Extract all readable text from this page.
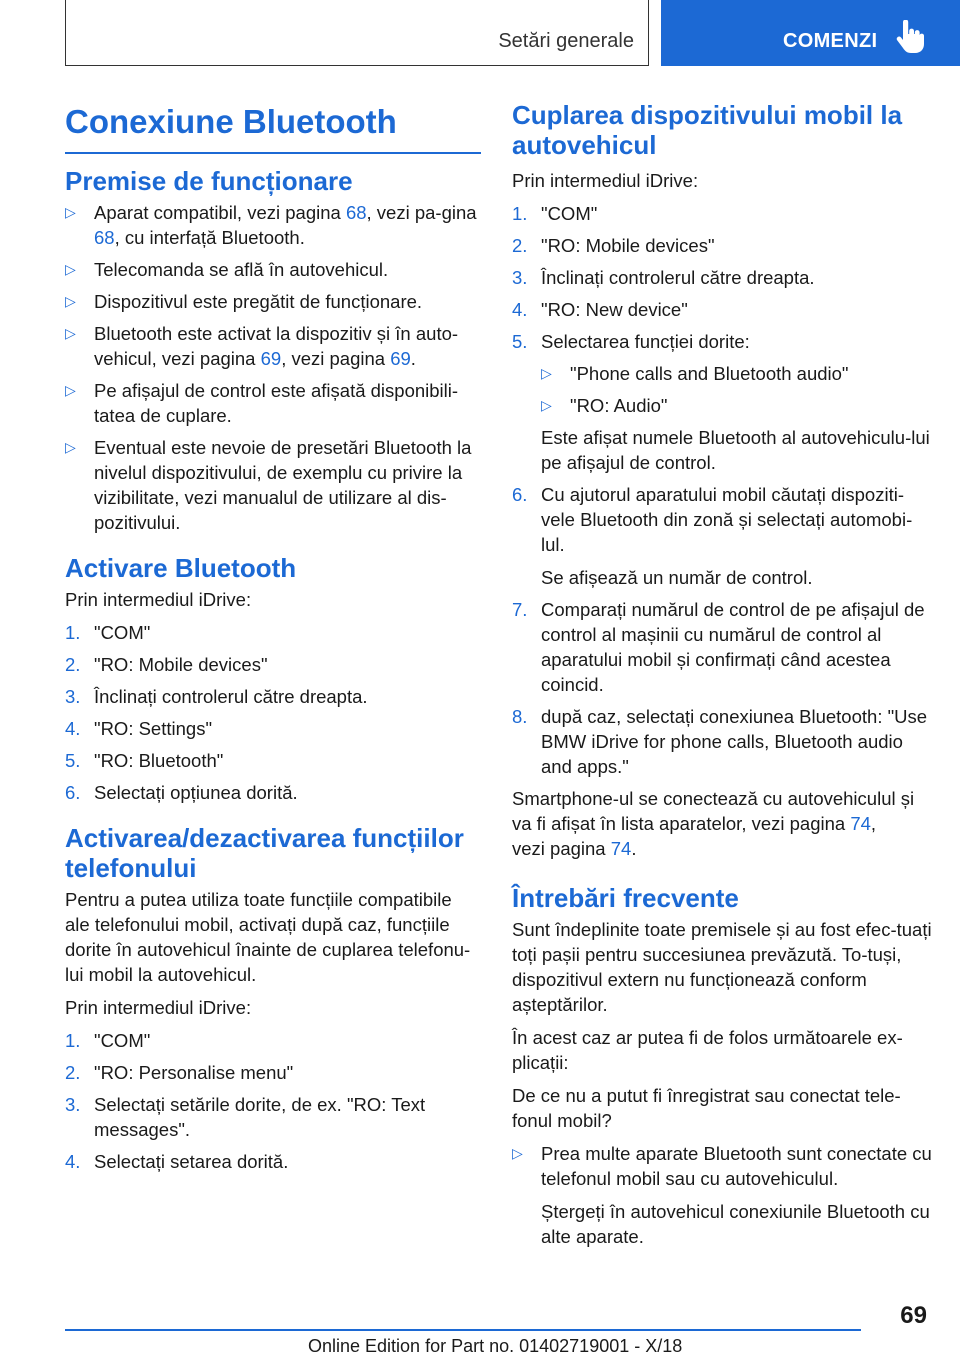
Setări generale	COMENZI
Conexiune Bluetooth
Premise de funcționare
▷ Aparat compatibil, vezi pagina 68, vezi pa-gina 68, cu interfață Bluetooth.
▷ Telecomanda se află în autovehicul.
▷ Dispozitivul este pregătit de funcționare.
▷ Bluetooth este activat la dispozitiv și în auto-vehicul, vezi pagina 69, vezi pagina 69.
▷ Pe afișajul de control este afișată disponibili-tatea de cuplare.
▷ Eventual este nevoie de presetări Bluetooth la nivelul dispozitivului, de exemplu cu privire la vizibilitate, vezi manualul de utilizare al dis-pozitivului.
Activare Bluetooth

Prin intermediul iDrive:

1. "COM"
2. "RO: Mobile devices"
3. Înclinați controlerul către dreapta.
4. "RO: Settings"
5. "RO: Bluetooth"
6. Selectați opțiunea dorită.
Activarea/dezactivarea funcțiilor telefonului

Pentru a putea utiliza toate funcțiile compatibile ale telefonului mobil, activați după caz, funcțiile dorite în autovehicul înainte de cuplarea telefonu-lui mobil la autovehicul.

Prin intermediul iDrive:

1. "COM"
2. "RO: Personalise menu"
3. Selectați setările dorite, de ex. "RO: Text messages".
4. Selectați setarea dorită.
Cuplarea dispozitivului mobil la autovehicul

Prin intermediul iDrive:

1. "COM"
2. "RO: Mobile devices"
3. Înclinați controlerul către dreapta.
4. "RO: New device"
5. Selectarea funcției dorite:
▷ "Phone calls and Bluetooth audio"
▷ "RO: Audio"
Este afișat numele Bluetooth al autovehiculu-lui pe afișajul de control.
6. Cu ajutorul aparatului mobil căutați dispoziti-vele Bluetooth din zonă și selectați automobi-lul.
Se afișează un număr de control.
7. Comparați numărul de control de pe afișajul de control al mașinii cu numărul de control al aparatului mobil și confirmați când acestea coincid.
8. după caz, selectați conexiunea Bluetooth: "Use BMW iDrive for phone calls, Bluetooth audio and apps."

Smartphone-ul se conectează cu autovehiculul și va fi afișat în lista aparatelor, vezi pagina 74,
vezi pagina 74.

Întrebări frecvente

Sunt îndeplinite toate premisele și au fost efec-tuați toți pașii pentru succesiunea prevăzută. To-tuși, dispozitivul extern nu funcționează conform așteptărilor.

În acest caz ar putea fi de folos următoarele ex-plicații:

De ce nu a putut fi înregistrat sau conectat tele-fonul mobil?

▷ Prea multe aparate Bluetooth sunt conectate cu telefonul mobil sau cu autovehiculul.
Ștergeți în autovehicul conexiunile Bluetooth cu alte aparate.
69
Online Edition for Part no. 01402719001 - X/18
